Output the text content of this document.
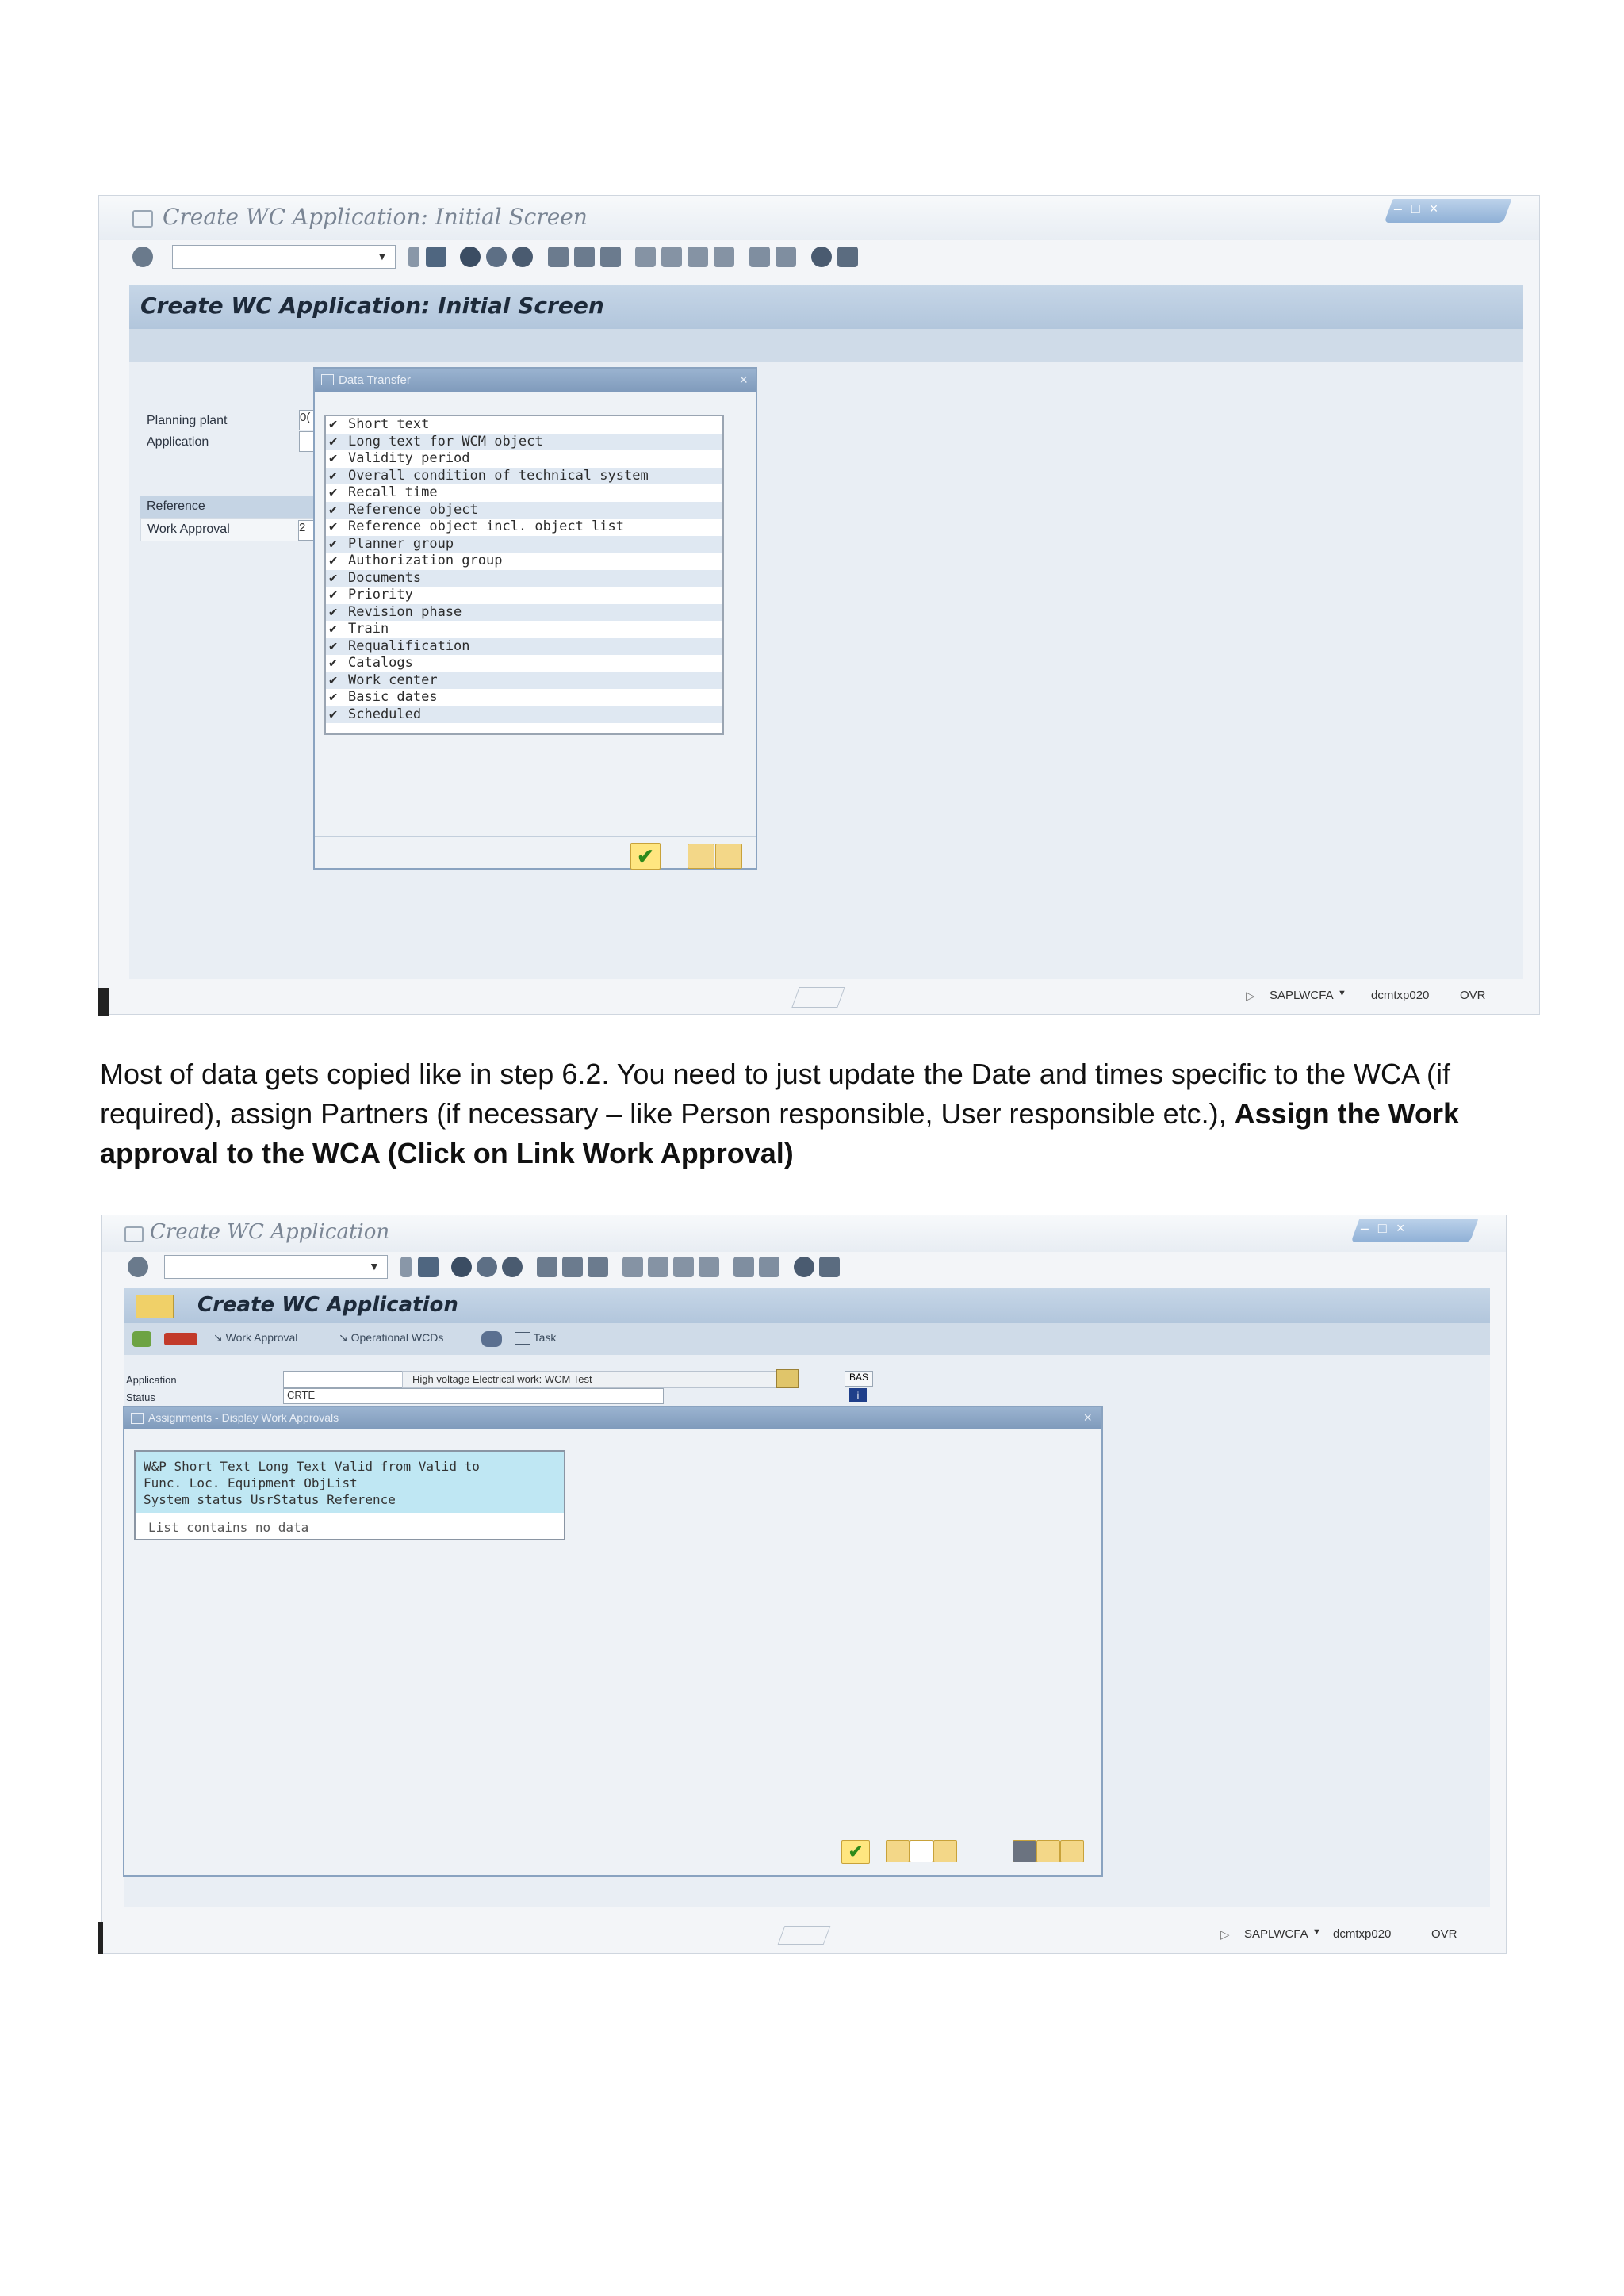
Create WC Application: Initial Screen	– □ ×
▼
Create WC Application: Initial Screen
Planning plant	0(
Application
Reference
Work Approval	2
Data Transfer	×
✔ Short text
✔ Long text for WCM object
✔ Validity period
✔ Overall condition of technical system
✔ Recall time
✔ Reference object
✔ Reference object incl. object list
✔ Planner group
✔ Authorization group
✔ Documents
✔ Priority
✔ Revision phase
✔ Train
✔ Requalification
✔ Catalogs
✔ Work center
✔ Basic dates
✔ Scheduled
✔
▷ SAPLWCFA ▼ dcmtxp020	OVR
Most of data gets copied like in step 6.2. You need to just update the Date and times specific to the WCA (if required), assign Partners (if necessary – like Person responsible, User responsible etc.), Assign the Work approval to the WCA (Click on Link Work Approval)
Create WC Application	– □ ×
▼
Create WC Application
↘ Work Approval	↘ Operational WCDs	Task
Application	High voltage Electrical work: WCM Test	BAS
Status	CRTE	i
Assignments - Display Work Approvals	×
W&P Short Text Long Text Valid from Valid to
Func. Loc. Equipment ObjList
System status UsrStatus Reference
List contains no data
✔
▷ SAPLWCFA ▼ dcmtxp020	OVR
